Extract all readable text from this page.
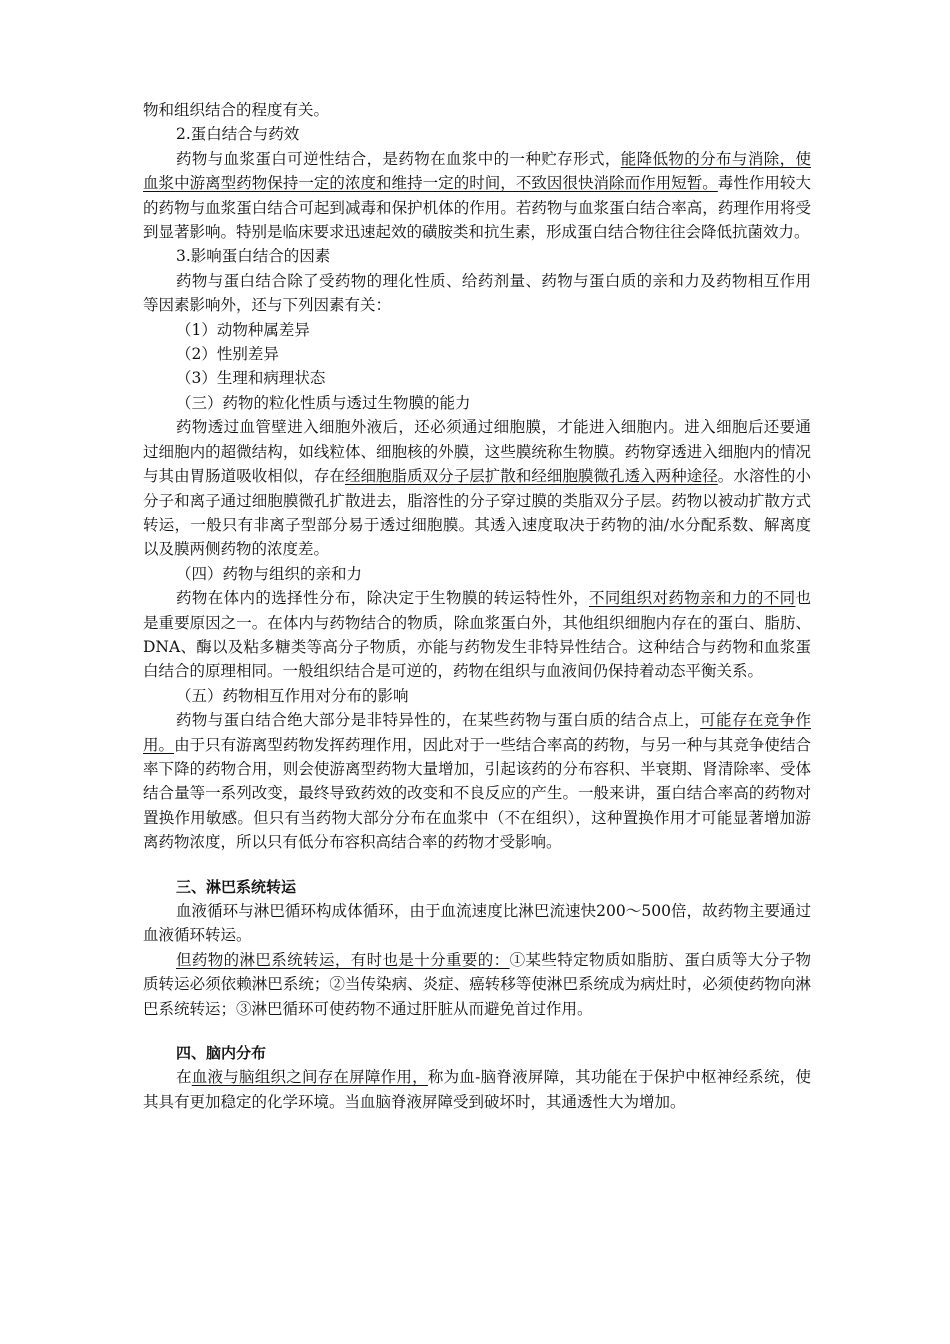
物和组织结合的程度有关。

2.蛋白结合与药效

药物与血浆蛋白可逆性结合，是药物在血浆中的一种贮存形式，能降低物的分布与消除，使血浆中游离型药物保持一定的浓度和维持一定的时间，不致因很快消除而作用短暂。毒性作用较大的药物与血浆蛋白结合可起到减毒和保护机体的作用。若药物与血浆蛋白结合率高，药理作用将受到显著影响。特别是临床要求迅速起效的磺胺类和抗生素，形成蛋白结合物往往会降低抗菌效力。

3.影响蛋白结合的因素

药物与蛋白结合除了受药物的理化性质、给药剂量、药物与蛋白质的亲和力及药物相互作用等因素影响外，还与下列因素有关：

（1）动物种属差异

（2）性别差异

（3）生理和病理状态

（三）药物的粒化性质与透过生物膜的能力

药物透过血管壁进入细胞外液后，还必须通过细胞膜，才能进入细胞内。进入细胞后还要通过细胞内的超微结构，如线粒体、细胞核的外膜，这些膜统称生物膜。药物穿透进入细胞内的情况与其由胃肠道吸收相似，存在经细胞脂质双分子层扩散和经细胞膜微孔透入两种途径。水溶性的小分子和离子通过细胞膜微孔扩散进去，脂溶性的分子穿过膜的类脂双分子层。药物以被动扩散方式转运，一般只有非离子型部分易于透过细胞膜。其透入速度取决于药物的油/水分配系数、解离度以及膜两侧药物的浓度差。

（四）药物与组织的亲和力

药物在体内的选择性分布，除决定于生物膜的转运特性外，不同组织对药物亲和力的不同也是重要原因之一。在体内与药物结合的物质，除血浆蛋白外，其他组织细胞内存在的蛋白、脂肪、DNA、酶以及粘多糖类等高分子物质，亦能与药物发生非特异性结合。这种结合与药物和血浆蛋白结合的原理相同。一般组织结合是可逆的，药物在组织与血液间仍保持着动态平衡关系。

（五）药物相互作用对分布的影响

药物与蛋白结合绝大部分是非特异性的，在某些药物与蛋白质的结合点上，可能存在竞争作用。由于只有游离型药物发挥药理作用，因此对于一些结合率高的药物，与另一种与其竞争使结合率下降的药物合用，则会使游离型药物大量增加，引起该药的分布容积、半衰期、肾清除率、受体结合量等一系列改变，最终导致药效的改变和不良反应的产生。一般来讲，蛋白结合率高的药物对置换作用敏感。但只有当药物大部分分布在血浆中（不在组织），这种置换作用才可能显著增加游离药物浓度，所以只有低分布容积高结合率的药物才受影响。

三、淋巴系统转运

血液循环与淋巴循环构成体循环，由于血流速度比淋巴流速快200～500倍，故药物主要通过血液循环转运。

但药物的淋巴系统转运，有时也是十分重要的：①某些特定物质如脂肪、蛋白质等大分子物质转运必须依赖淋巴系统；②当传染病、炎症、癌转移等使淋巴系统成为病灶时，必须使药物向淋巴系统转运；③淋巴循环可使药物不通过肝脏从而避免首过作用。

四、脑内分布

在血液与脑组织之间存在屏障作用，称为血-脑脊液屏障，其功能在于保护中枢神经系统，使其具有更加稳定的化学环境。当血脑脊液屏障受到破坏时，其通透性大为增加。
